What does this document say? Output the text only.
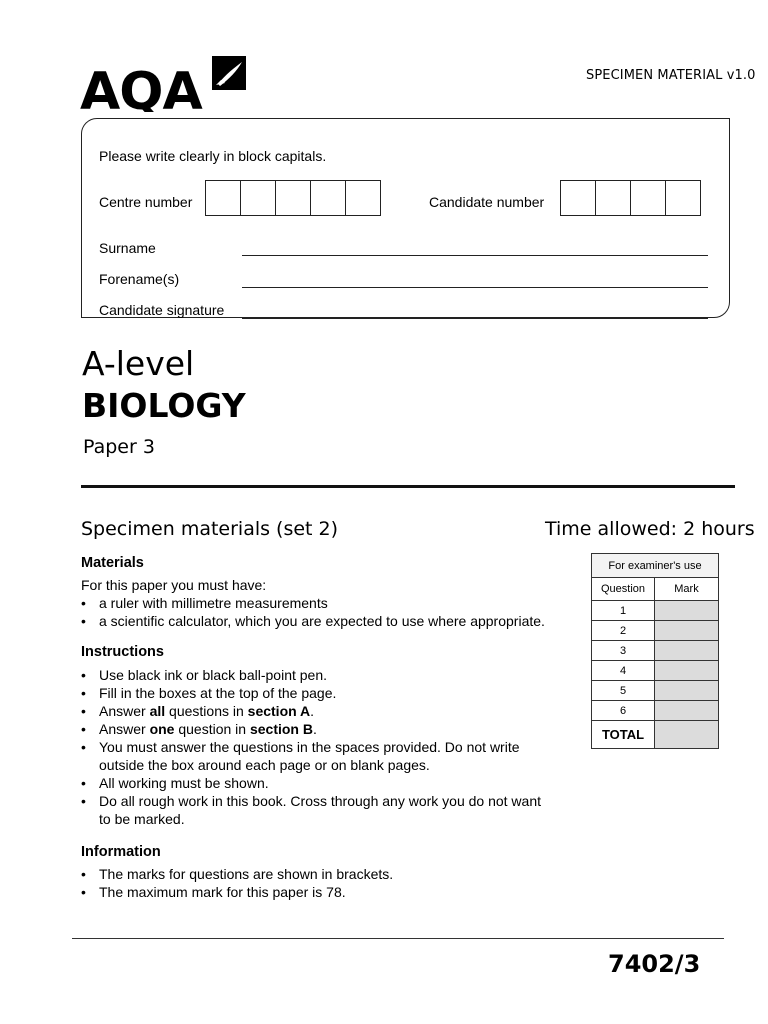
AQA	SPECIMEN MATERIAL v1.0
Please write clearly in block capitals.
Centre number	Candidate number
Surname
Forename(s)
Candidate signature
A-level
BIOLOGY
Paper 3
Specimen materials (set 2)	Time allowed: 2 hours
Materials
For this paper you must have:
• a ruler with millimetre measurements
• a scientific calculator, which you are expected to use where appropriate.
Instructions
• Use black ink or black ball-point pen.
• Fill in the boxes at the top of the page.
• Answer all questions in section A.
• Answer one question in section B.
• You must answer the questions in the spaces provided. Do not write outside the box around each page or on blank pages.
• All working must be shown.
• Do all rough work in this book. Cross through any work you do not want to be marked.
Information
• The marks for questions are shown in brackets.
• The maximum mark for this paper is 78.
For examiner's use	
Question	Mark
1	
2	
3	
4	
5	
6	
TOTAL	
7402/3
